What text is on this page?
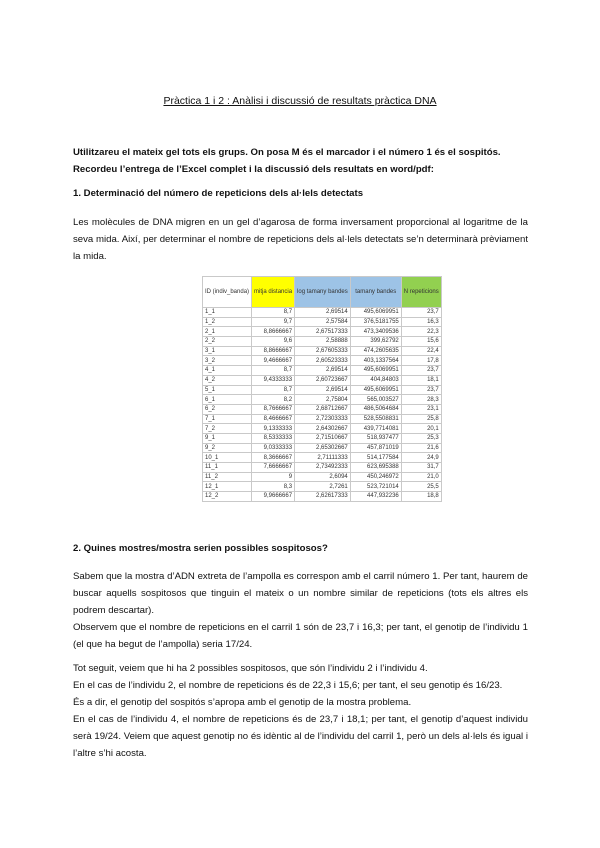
Pràctica 1 i 2 : Anàlisi i discussió de resultats pràctica DNA
Utilitzareu el mateix gel tots els grups. On posa M és el marcador i el número 1 és el sospitós.
Recordeu l’entrega de l’Excel complet i la discussió dels resultats en word/pdf:
1. Determinació del número de repeticions dels al·lels detectats
Les molècules de DNA migren en un gel d’agarosa de forma inversament proporcional al logaritme de la seva mida. Així, per determinar el nombre de repeticions dels al·lels detectats se’n determinarà prèviament la mida.
ID (indiv_banda)	mitja distancia	log tamany bandes	tamany bandes	N repeticions
1_1	8,7	2,69514	495,6069951	23,7
1_2	9,7	2,57584	376,5181755	16,3
2_1	8,8666667	2,67517333	473,3409536	22,3
2_2	9,6	2,58888	399,62792	15,6
3_1	8,8666667	2,67605333	474,2605635	22,4
3_2	9,4666667	2,60523333	403,1337564	17,8
4_1	8,7	2,69514	495,6069951	23,7
4_2	9,4333333	2,60723667	404,84803	18,1
5_1	8,7	2,69514	495,6069951	23,7
6_1	8,2	2,75804	565,003527	28,3
6_2	8,7666667	2,68712667	486,5064684	23,1
7_1	8,4666667	2,72303333	528,5508831	25,8
7_2	9,1333333	2,64302667	439,7714081	20,1
9_1	8,5333333	2,71510667	518,937477	25,3
9_2	9,0333333	2,65302667	457,871019	21,6
10_1	8,3666667	2,71111333	514,177584	24,9
11_1	7,6666667	2,73492333	623,695388	31,7
11_2	9	2,6094	450,246972	21,0
12_1	8,3	2,7261	523,721014	25,5
12_2	9,9666667	2,62617333	447,932236	18,8
2. Quines mostres/mostra serien possibles sospitosos?
Sabem que la mostra d’ADN extreta de l’ampolla es correspon amb el carril número 1. Per tant, haurem de buscar aquells sospitosos que tinguin el mateix o un nombre similar de repeticions (tots els altres els podrem descartar).
Observem que el nombre de repeticions en el carril 1 són de 23,7 i 16,3; per tant, el genotip de l’individu 1 (el que ha begut de l’ampolla) seria 17/24.
Tot seguit, veiem que hi ha 2 possibles sospitosos, que són l’individu 2 i l’individu 4.
En el cas de l’individu 2, el nombre de repeticions és de 22,3 i 15,6; per tant, el seu genotip és 16/23.
És a dir, el genotip del sospitós s’apropa amb el genotip de la mostra problema.
En el cas de l’individu 4, el nombre de repeticions és de 23,7 i 18,1; per tant, el genotip d’aquest individu serà 19/24. Veiem que aquest genotip no és idèntic al de l’individu del carril 1, però un dels al·lels és igual i l’altre s’hi acosta.
